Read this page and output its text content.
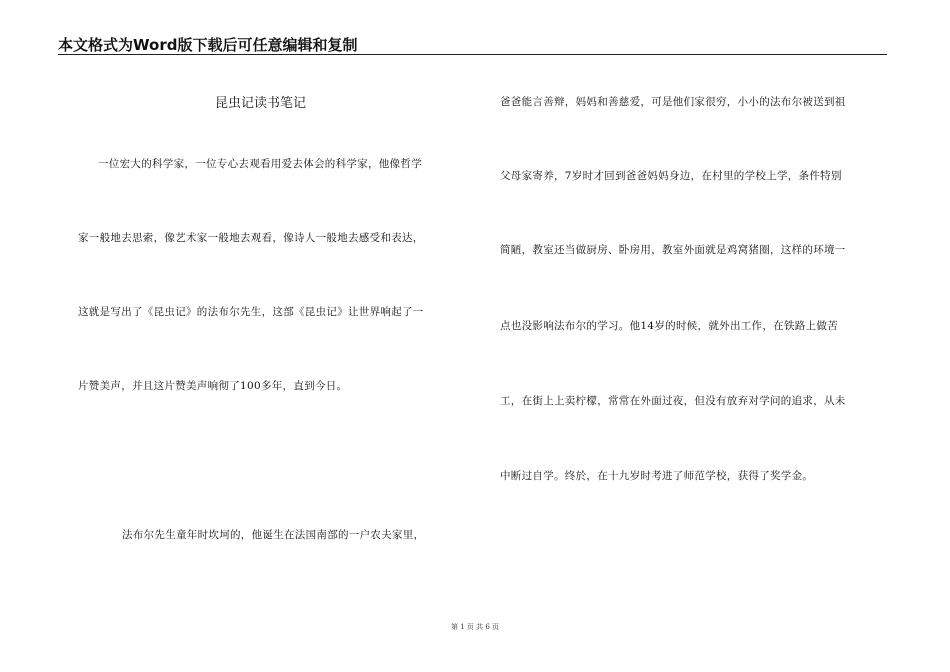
本文格式为Word版下载后可任意编辑和复制
昆虫记读书笔记
一位宏大的科学家，一位专心去观看用爱去体会的科学家，他像哲学
家一般地去思索，像艺术家一般地去观看，像诗人一般地去感受和表达，
这就是写出了《昆虫记》的法布尔先生，这部《昆虫记》让世界响起了一
片赞美声，并且这片赞美声响彻了100多年，直到今日。
法布尔先生童年时坎坷的，他诞生在法国南部的一户农夫家里，
爸爸能言善辩，妈妈和善慈爱，可是他们家很穷，小小的法布尔被送到祖
父母家寄养，7岁时才回到爸爸妈妈身边，在村里的学校上学，条件特别
简陋，教室还当做厨房、卧房用，教室外面就是鸡窝猪圈，这样的环境一
点也没影响法布尔的学习。他14岁的时候，就外出工作，在铁路上做苦
工，在街上上卖柠檬，常常在外面过夜，但没有放弃对学问的追求，从未
中断过自学。终於，在十九岁时考进了师范学校，获得了奖学金。
第 1 页 共 6 页
